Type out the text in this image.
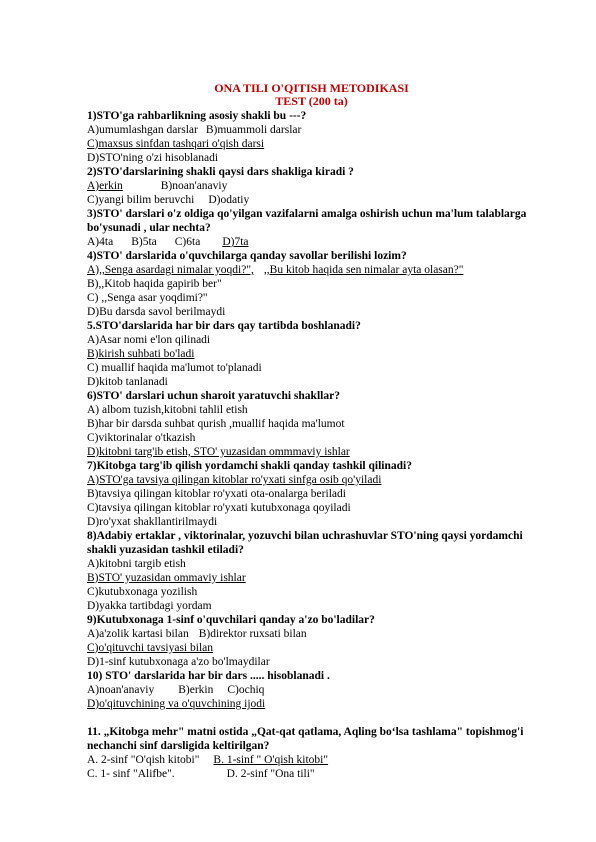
ONA TILI O'QITISH METODIKASI
TEST (200 ta)
1)STO'ga rahbarlikning asosiy shakli bu ---?
A)umumlashgan darslar B)muammoli darslar
C)maxsus sinfdan tashqari o'qish darsi
D)STO'ning o'zi hisoblanadi
2)STO'darslarining shakli qaysi dars shakliga kiradi ?
A)erkin	B)noan'anaviy
C)yangi bilim beruvchi D)odatiy
3)STO' darslari o'z oldiga qo'yilgan vazifalarni amalga oshirish uchun ma'lum talablarga bo'ysunadi , ular nechta?
A)4ta B)5ta C)6ta D)7ta
4)STO' darslarida o'quvchilarga qanday savollar berilishi lozim?
A),,Senga asardagi nimalar yoqdi?", ,,Bu kitob haqida sen nimalar ayta olasan?"
B),,Kitob haqida gapirib ber"
C) ,,Senga asar yoqdimi?"
D)Bu darsda savol berilmaydi
5.STO'darslarida har bir dars qay tartibda boshlanadi?
A)Asar nomi e'lon qilinadi
B)kirish suhbati bo'ladi
C) muallif haqida ma'lumot to'planadi
D)kitob tanlanadi
6)STO' darslari uchun sharoit yaratuvchi shakllar?
A) albom tuzish,kitobni tahlil etish
B)har bir darsda suhbat qurish ,muallif haqida ma'lumot
C)viktorinalar o'tkazish
D)kitobni targ'ib etish, STO' yuzasidan ommmaviy ishlar
7)Kitobga targ'ib qilish yordamchi shakli qanday tashkil qilinadi?
A)STO'ga tavsiya qilingan kitoblar ro'yxati sinfga osib qo'yiladi
B)tavsiya qilingan kitoblar ro'yxati ota-onalarga beriladi
C)tavsiya qilingan kitoblar ro'yxati kutubxonaga qoyiladi
D)ro'yxat shakllantirilmaydi
8)Adabiy ertaklar , viktorinalar, yozuvchi bilan uchrashuvlar STO'ning qaysi yordamchi shakli yuzasidan tashkil etiladi?
A)kitobni targib etish
B)STO' yuzasidan ommaviy ishlar
C)kutubxonaga yozilish
D)yakka tartibdagi yordam
9)Kutubxonaga 1-sinf o'quvchilari qanday a'zo bo'ladilar?
A)a'zolik kartasi bilan B)direktor ruxsati bilan
C)o'qituvchi tavsiyasi bilan
D)1-sinf kutubxonaga a'zo bo'lmaydilar
10) STO' darslarida har bir dars ..... hisoblanadi .
A)noan'anaviy B)erkin C)ochiq
D)o'qituvchining va o'quvchining ijodi
11. „Kitobga mehr" matni ostida „Qat-qat qatlama, Aqling bo‘lsa tashlama" topishmog'i nechanchi sinf darsligida keltirilgan?
A. 2-sinf "O'qish kitobi" B. 1-sinf " O'qish kitobi"
C. 1- sinf "Alifbe".	D. 2-sinf "Ona tili"
